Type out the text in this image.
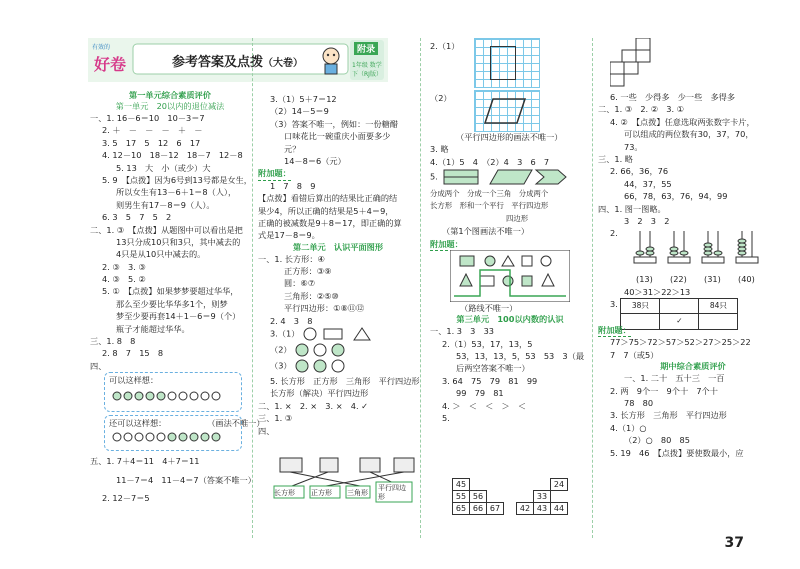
有效的
好卷	参考答案及点拨（大卷）
附录
1年级 数学
下（RJ版）
第一单元综合素质评价
第一单元　20以内的退位减法
一、1. 16－6＝10　10－3＝7
2. ＋　－　－　－　＋　－
3. 5　17　5　12　6　17
4. 12－10　18－12　18－7　12－8
5. 13　大　小（或少）大
5. 9　【点拨】因为6号到13号都是女生，
所以女生有13－6＋1＝8（人），
则男生有17－8＝9（人）。
6. 3　5　7　5　2
二、1. ③　【点拨】从题图中可以看出是把
13只分成10只和3只，其中减去的
4只是从10只中减去的。
2. ③　3. ③
4. ③　5. ②
5. ①　【点拨】如果梦梦要超过华华，
那么至少要比华华多1个，则梦
梦至少要再套14＋1－6＝9（个）
瓶子才能超过华华。
三、1. 8　8
2. 8　7　15　8
四、
可以这样想：
还可以这样想：　　　　　　（画法不唯一）
五、1. 7＋4＝11　4＋7＝11
11－7＝4　11－4＝7（答案不唯一）
2. 12－7＝5
3.（1）5＋7＝12
（2）14－5＝9
（3）答案不唯一，例如：一份糖醋
口味花比一碗重庆小面要多少
元？
14－8＝6（元）
附加题：
1　7　8　9
【点拨】看错后算出的结果比正确的结
果少4，所以正确的结果是5＋4＝9，
正确的被减数是9＋8＝17，即正确的算
式是17－8＝9。
第二单元　认识平面图形
一、1. 长方形：④
正方形：③⑨
圆：⑥⑦
三角形：②⑤⑩
平行四边形：①⑧⑪⑫
2. 4　3　8
3.（1）
（2）
（3）
5. 长方形　正方形　三角形　平行四边形
长方形（解决）平行四边形
二、1. ×　2. ×　3. ×　4. ✓
三、1. ③
四、
长方形 正方形 三角形
平行四边形
2.（1）
（2）
（平行四边形的画法不唯一）
3. 略
4.（1）5　4　（2）4　3　6　7
5.
分成两个　分成一个三角　分成两个
长方形　形和一个平行　平行四边形
四边形
（第1个图画法不唯一）
附加题：
（路线不唯一）
第三单元　100以内数的认识
一、1. 3　3　33
2.（1）53，17，13，5
53，13，13，5，53　53　3（最
后两空答案不唯一）
3. 64　75　79　81　99
99　79　81
4. ＞　＜　＜　＞　＜
5.
45		
55	56	
65	66	67
		24
	33	
42	43	44
6. 一些　少得多　少一些　多得多
二、1. ③　2. ②　3. ①
4. ②　【点拨】任意选取两张数字卡片，
可以组成的两位数有30，37，70，
73。
三、1. 略
2. 66，36，76
44，37，55
66，78，63，76，94，99
四、1. 图一图略。
3　2　3　2
2.
(13) (22) (31) (40)
40＞31＞22＞13
3. 38只		84只
	✓	
附加题：
77＞75＞72＞57＞52＞27＞25＞22
7　7（或5）
期中综合素质评价
一、1. 二十　五十三　一百
2. 两　9个一　9个十　7个十
78　80
3. 长方形　三角形　平行四边形
4.（1）○
（2）○　80　85
5. 19　46　【点拨】要使数最小，应
37
